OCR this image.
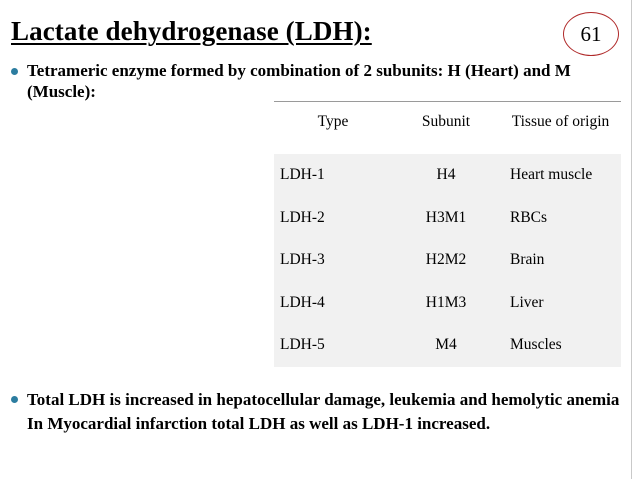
Lactate dehydrogenase (LDH):	61
Tetrameric enzyme formed by combination of 2 subunits: H (Heart) and M (Muscle):
Type	Subunit	Tissue of origin
LDH-1	H4	Heart muscle
LDH-2	H3M1	RBCs
LDH-3	H2M2	Brain
LDH-4	H1M3	Liver
LDH-5	M4	Muscles
Total LDH is increased in hepatocellular damage, leukemia and hemolytic anemia In Myocardial infarction total LDH as well as LDH-1 increased.
